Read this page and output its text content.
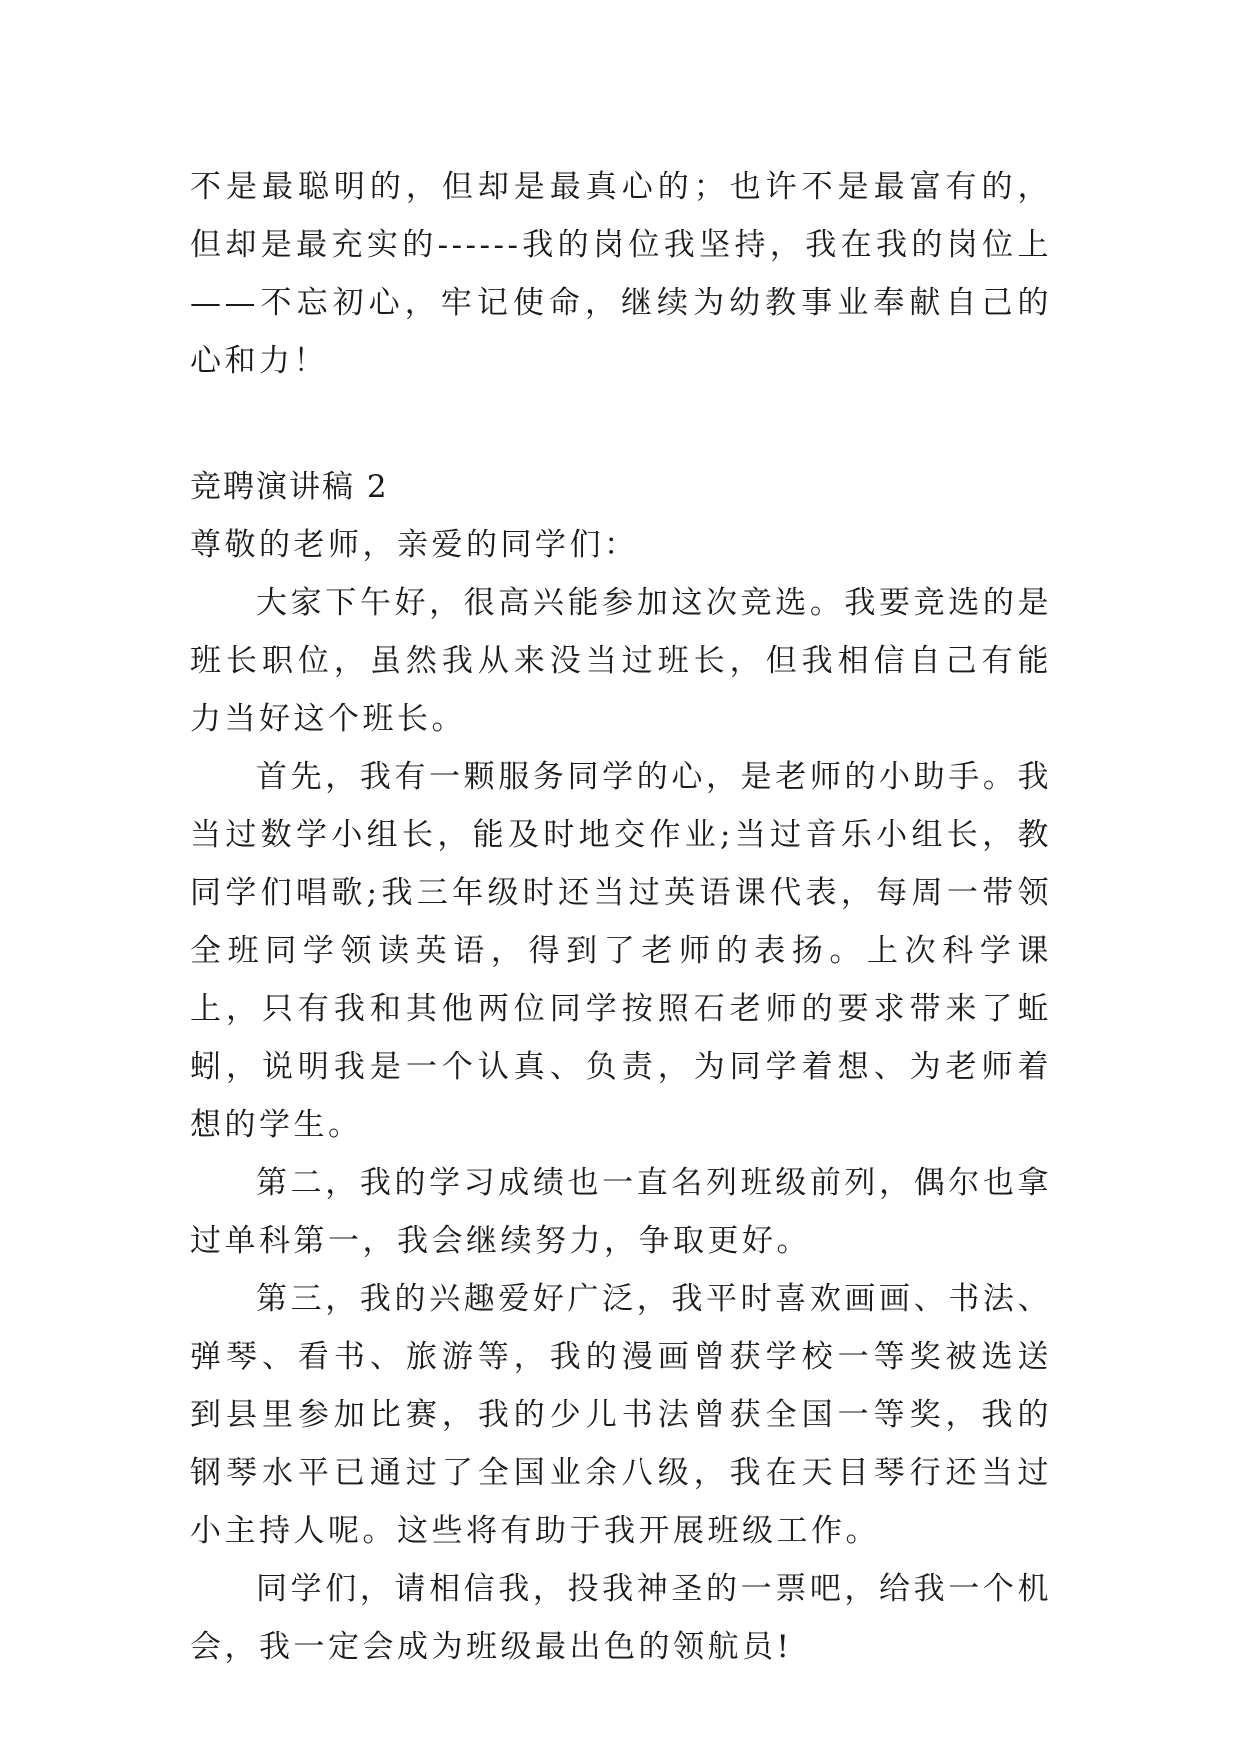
不是最聪明的，但却是最真心的；也许不是最富有的，但却是最充实的------我的岗位我坚持，我在我的岗位上——不忘初心，牢记使命，继续为幼教事业奉献自己的心和力！

竞聘演讲稿 2

尊敬的老师，亲爱的同学们：

大家下午好，很高兴能参加这次竞选。我要竞选的是班长职位，虽然我从来没当过班长，但我相信自己有能力当好这个班长。

首先，我有一颗服务同学的心，是老师的小助手。我当过数学小组长，能及时地交作业;当过音乐小组长，教同学们唱歌;我三年级时还当过英语课代表，每周一带领全班同学领读英语，得到了老师的表扬。上次科学课上，只有我和其他两位同学按照石老师的要求带来了蚯蚓，说明我是一个认真、负责，为同学着想、为老师着想的学生。

第二，我的学习成绩也一直名列班级前列，偶尔也拿过单科第一，我会继续努力，争取更好。

第三，我的兴趣爱好广泛，我平时喜欢画画、书法、弹琴、看书、旅游等，我的漫画曾获学校一等奖被选送到县里参加比赛，我的少儿书法曾获全国一等奖，我的钢琴水平已通过了全国业余八级，我在天目琴行还当过小主持人呢。这些将有助于我开展班级工作。

同学们，请相信我，投我神圣的一票吧，给我一个机会，我一定会成为班级最出色的领航员!
